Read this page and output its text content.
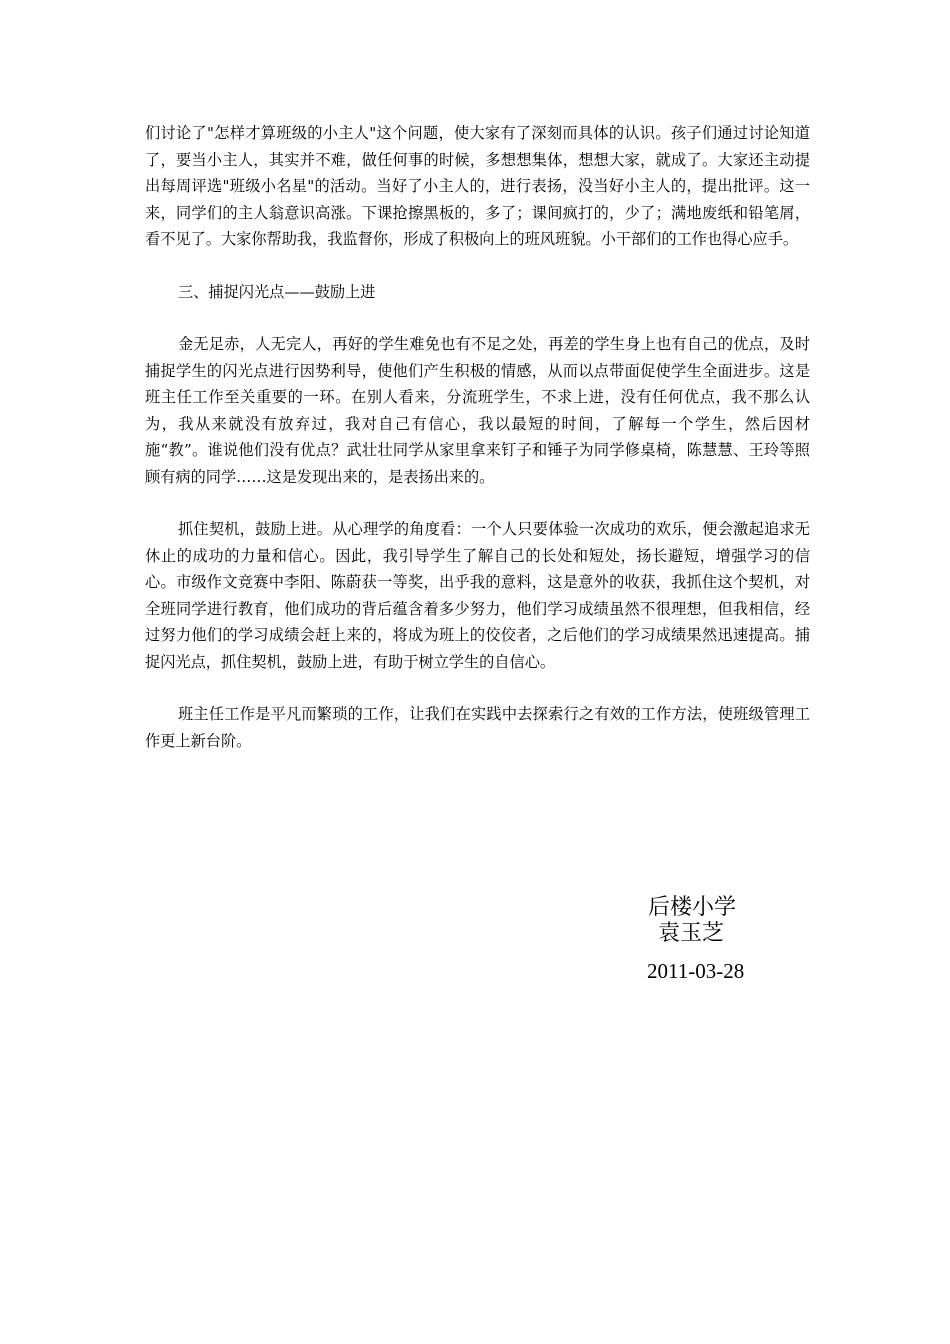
们讨论了"怎样才算班级的小主人"这个问题，使大家有了深刻而具体的认识。孩子们通过讨论知道了，要当小主人，其实并不难，做任何事的时候，多想想集体，想想大家，就成了。大家还主动提出每周评选"班级小名星"的活动。当好了小主人的，进行表扬，没当好小主人的，提出批评。这一来，同学们的主人翁意识高涨。下课抢擦黑板的，多了；课间疯打的，少了；满地废纸和铅笔屑，看不见了。大家你帮助我，我监督你，形成了积极向上的班风班貌。小干部们的工作也得心应手。

三、捕捉闪光点——鼓励上进

金无足赤，人无完人，再好的学生难免也有不足之处，再差的学生身上也有自己的优点，及时捕捉学生的闪光点进行因势利导，使他们产生积极的情感，从而以点带面促使学生全面进步。这是班主任工作至关重要的一环。在别人看来，分流班学生，不求上进，没有任何优点，我不那么认为，我从来就没有放弃过，我对自己有信心，我以最短的时间，了解每一个学生，然后因材施“教”。谁说他们没有优点？武壮壮同学从家里拿来钉子和锤子为同学修桌椅，陈慧慧、王玲等照顾有病的同学……这是发现出来的，是表扬出来的。

抓住契机，鼓励上进。从心理学的角度看：一个人只要体验一次成功的欢乐，便会激起追求无休止的成功的力量和信心。因此，我引导学生了解自己的长处和短处，扬长避短，增强学习的信心。市级作文竞赛中李阳、陈蔚获一等奖，出乎我的意料，这是意外的收获，我抓住这个契机，对全班同学进行教育，他们成功的背后蕴含着多少努力，他们学习成绩虽然不很理想，但我相信，经过努力他们的学习成绩会赶上来的，将成为班上的佼佼者，之后他们的学习成绩果然迅速提高。捕捉闪光点，抓住契机，鼓励上进，有助于树立学生的自信心。

班主任工作是平凡而繁琐的工作，让我们在实践中去探索行之有效的工作方法，使班级管理工作更上新台阶。

后楼小学
袁玉芝
2011-03-28
